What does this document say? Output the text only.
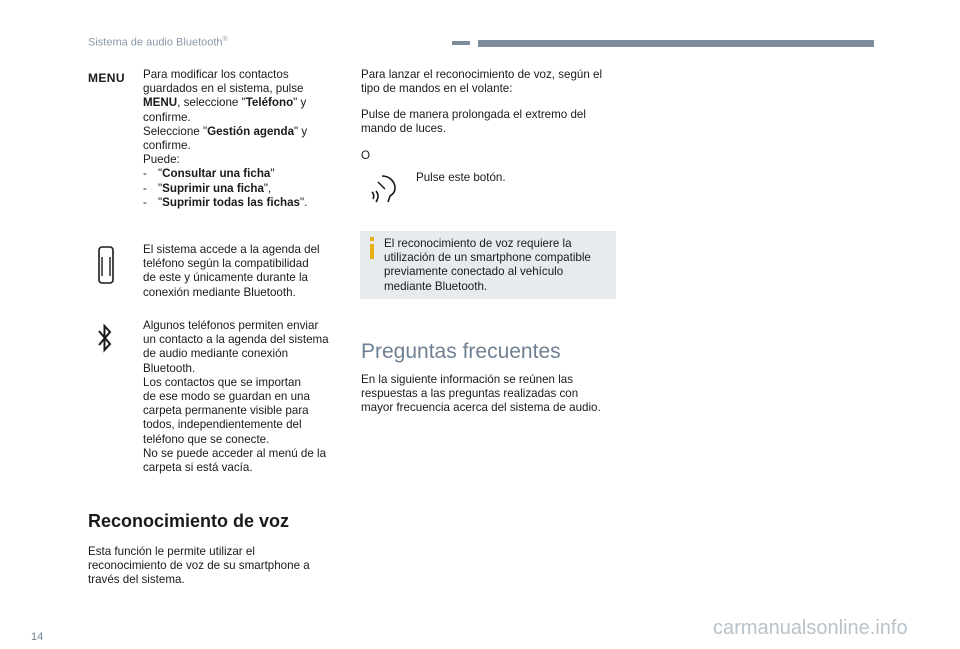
Sistema de audio Bluetooth®
MENU Para modificar los contactos
guardados en el sistema, pulse
MENU, seleccione "Teléfono" y
confirme.
Seleccione "Gestión agenda" y
confirme.
Puede:
- "Consultar una ficha"
- "Suprimir una ficha",
- "Suprimir todas las fichas".
El sistema accede a la agenda del
teléfono según la compatibilidad
de este y únicamente durante la
conexión mediante Bluetooth.
Algunos teléfonos permiten enviar
un contacto a la agenda del sistema
de audio mediante conexión
Bluetooth.
Los contactos que se importan
de ese modo se guardan en una
carpeta permanente visible para
todos, independientemente del
teléfono que se conecte.
No se puede acceder al menú de la
carpeta si está vacía.
Reconocimiento de voz
Esta función le permite utilizar el
reconocimiento de voz de su smartphone a
través del sistema.
Para lanzar el reconocimiento de voz, según el
tipo de mandos en el volante:
Pulse de manera prolongada el extremo del
mando de luces.
O
Pulse este botón.
El reconocimiento de voz requiere la
utilización de un smartphone compatible
previamente conectado al vehículo
mediante Bluetooth.
Preguntas frecuentes
En la siguiente información se reúnen las
respuestas a las preguntas realizadas con
mayor frecuencia acerca del sistema de audio.
14	carmanualsonline.info
